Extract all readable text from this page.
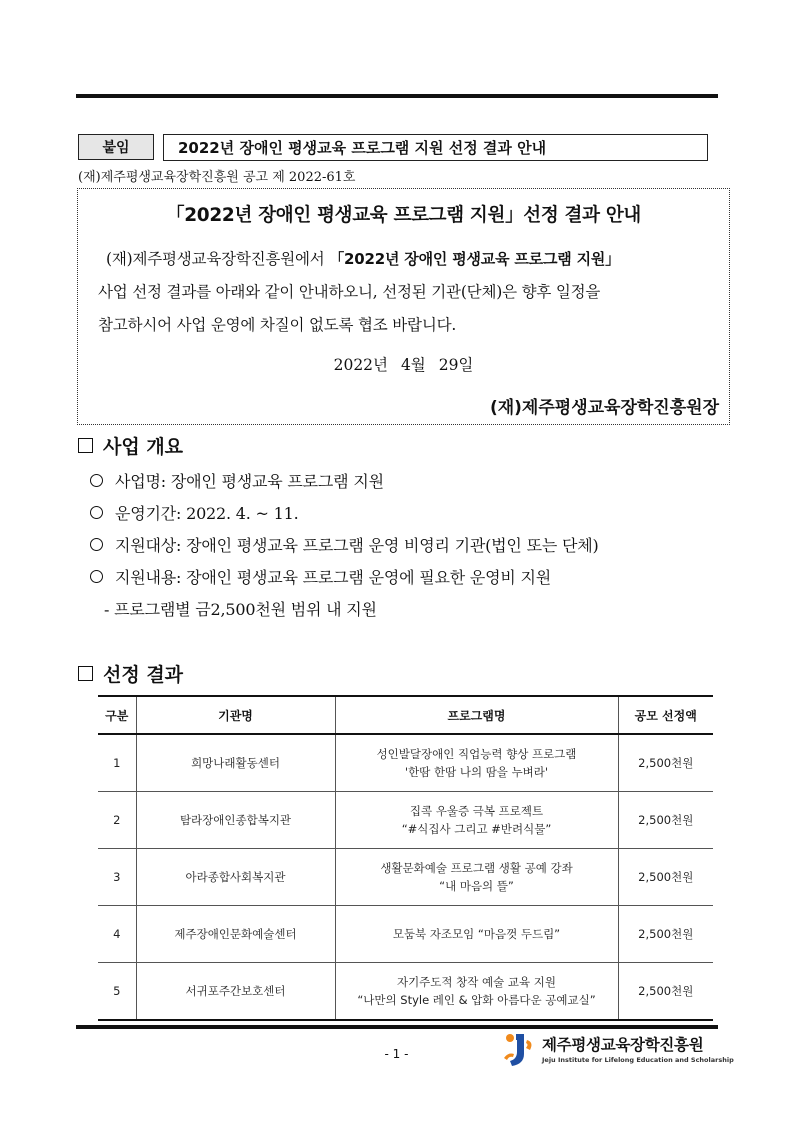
붙임	2022년 장애인 평생교육 프로그램 지원 선정 결과 안내
(재)제주평생교육장학진흥원 공고 제 2022-61호
「2022년 장애인 평생교육 프로그램 지원」선정 결과 안내
(재)제주평생교육장학진흥원에서 「2022년 장애인 평생교육 프로그램 지원」
사업 선정 결과를 아래와 같이 안내하오니, 선정된 기관(단체)은 향후 일정을
참고하시어 사업 운영에 차질이 없도록 협조 바랍니다.
2022년 4월 29일
(재)제주평생교육장학진흥원장
사업 개요
사업명: 장애인 평생교육 프로그램 지원
운영기간: 2022. 4. ~ 11.
지원대상: 장애인 평생교육 프로그램 운영 비영리 기관(법인 또는 단체)
지원내용: 장애인 평생교육 프로그램 운영에 필요한 운영비 지원
- 프로그램별 금2,500천원 범위 내 지원
선정 결과
구분	기관명	프로그램명	공모 선정액
1	희망나래활동센터	성인발달장애인 직업능력 향상 프로그램
'한땀 한땀 나의 땀을 누벼라'	2,500천원
2	탐라장애인종합복지관	집콕 우울증 극복 프로젝트
“#식집사 그리고 #반려식물”	2,500천원
3	아라종합사회복지관	생활문화예술 프로그램 생활 공예 강좌
“내 마음의 뜰”	2,500천원
4	제주장애인문화예술센터	모둠북 자조모임 “마음껏 두드림”	2,500천원
5	서귀포주간보호센터	자기주도적 창작 예술 교육 지원
“나만의 Style 레인 & 압화 아름다운 공예교실”	2,500천원
- 1 -	제주평생교육장학진흥원
Jeju Institute for Lifelong Education and Scholarship
